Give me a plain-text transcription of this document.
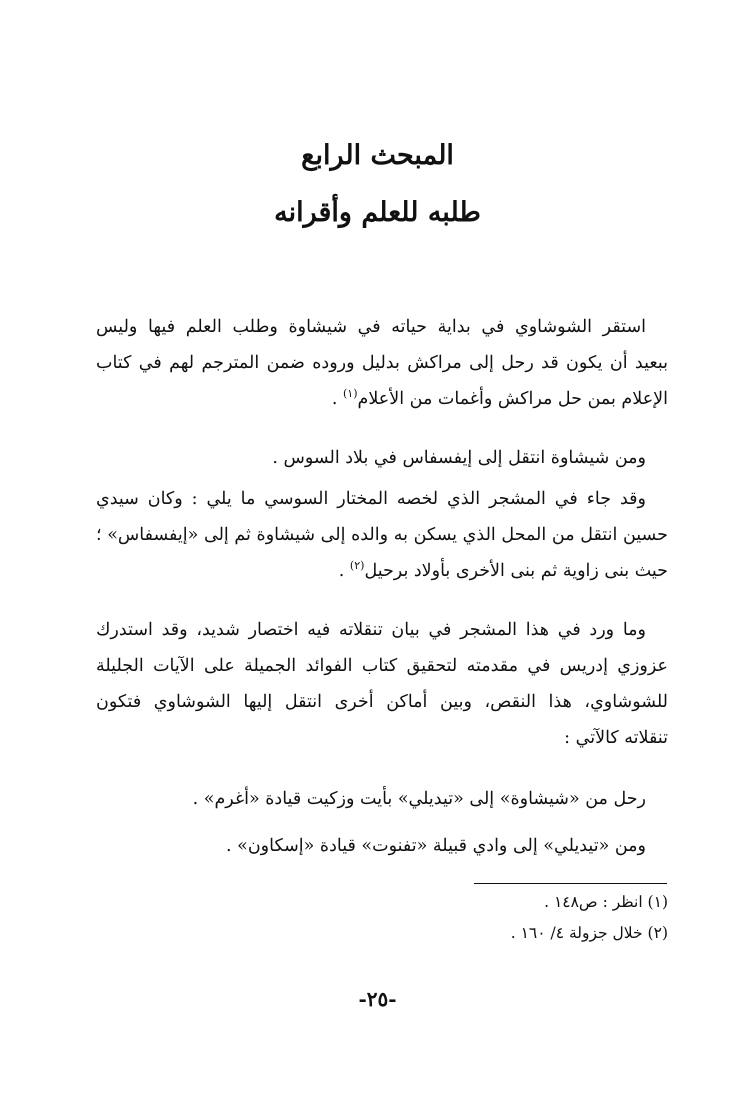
المبحث الرابع
طلبه للعلم وأقرانه
استقر الشوشاوي في بداية حياته في شيشاوة وطلب العلم فيها وليس
ببعيد أن يكون قد رحل إلى مراكش بدليل وروده ضمن المترجم لهم في كتاب
الإعلام بمن حل مراكش وأغمات من الأعلام$^{(١)}$ .
ومن شيشاوة انتقل إلى إيفسفاس في بلاد السوس .
وقد جاء في المشجر الذي لخصه المختار السوسي ما يلي : وكان سيدي
حسين انتقل من المحل الذي يسكن به والده إلى شيشاوة ثم إلى «إيفسفاس» ؛
حيث بنى زاوية ثم بنى الأخرى بأولاد برحيل$^{(٢)}$ .
وما ورد في هذا المشجر في بيان تنقلاته فيه اختصار شديد، وقد استدرك
عزوزي إدريس في مقدمته لتحقيق كتاب الفوائد الجميلة على الآيات الجليلة
للشوشاوي، هذا النقص، وبين أماكن أخرى انتقل إليها الشوشاوي فتكون
تنقلاته كالآتي :
رحل من «شيشاوة» إلى «تيديلي» بأيت وزكيت قيادة «أغرم» .
ومن «تيديلي» إلى وادي قبيلة «تفنوت» قيادة «إسكاون» .
(١) انظر : ص١٤٨ .
(٢) خلال جزولة ٤/ ١٦٠ .
-٢٥-
